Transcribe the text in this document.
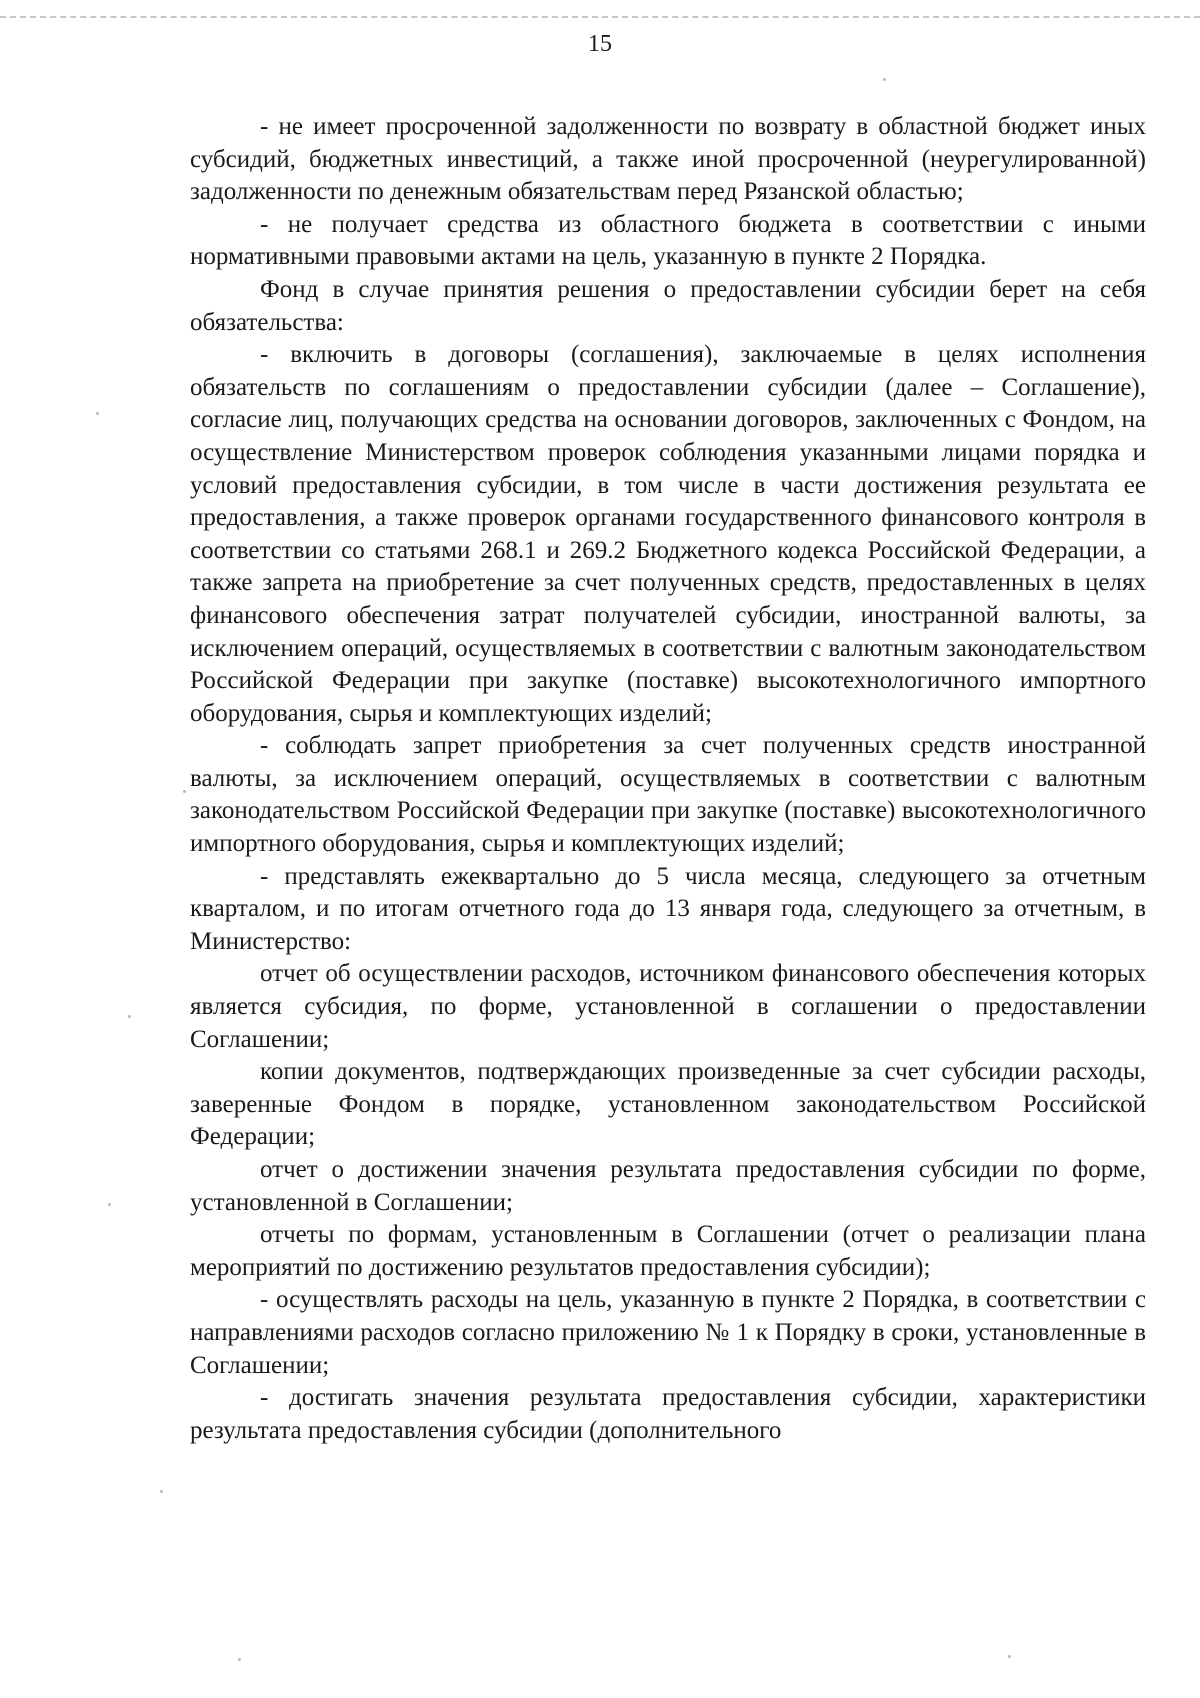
15

- не имеет просроченной задолженности по возврату в областной бюджет иных субсидий, бюджетных инвестиций, а также иной просроченной (неурегулированной) задолженности по денежным обязательствам перед Рязанской областью;

- не получает средства из областного бюджета в соответствии с иными нормативными правовыми актами на цель, указанную в пункте 2 Порядка.

Фонд в случае принятия решения о предоставлении субсидии берет на себя обязательства:

- включить в договоры (соглашения), заключаемые в целях исполнения обязательств по соглашениям о предоставлении субсидии (далее – Соглашение), согласие лиц, получающих средства на основании договоров, заключенных с Фондом, на осуществление Министерством проверок соблюдения указанными лицами порядка и условий предоставления субсидии, в том числе в части достижения результата ее предоставления, а также проверок органами государственного финансового контроля в соответствии со статьями 268.1 и 269.2 Бюджетного кодекса Российской Федерации, а также запрета на приобретение за счет полученных средств, предоставленных в целях финансового обеспечения затрат получателей субсидии, иностранной валюты, за исключением операций, осуществляемых в соответствии с валютным законодательством Российской Федерации при закупке (поставке) высокотехнологичного импортного оборудования, сырья и комплектующих изделий;

- соблюдать запрет приобретения за счет полученных средств иностранной валюты, за исключением операций, осуществляемых в соответствии с валютным законодательством Российской Федерации при закупке (поставке) высокотехнологичного импортного оборудования, сырья и комплектующих изделий;

- представлять ежеквартально до 5 числа месяца, следующего за отчетным кварталом, и по итогам отчетного года до 13 января года, следующего за отчетным, в Министерство:

отчет об осуществлении расходов, источником финансового обеспечения которых является субсидия, по форме, установленной в соглашении о предоставлении Соглашении;

копии документов, подтверждающих произведенные за счет субсидии расходы, заверенные Фондом в порядке, установленном законодательством Российской Федерации;

отчет о достижении значения результата предоставления субсидии по форме, установленной в Соглашении;

отчеты по формам, установленным в Соглашении (отчет о реализации плана мероприятий по достижению результатов предоставления субсидии);

- осуществлять расходы на цель, указанную в пункте 2 Порядка, в соответствии с направлениями расходов согласно приложению № 1 к Порядку в сроки, установленные в Соглашении;

- достигать значения результата предоставления субсидии, характеристики результата предоставления субсидии (дополнительного
